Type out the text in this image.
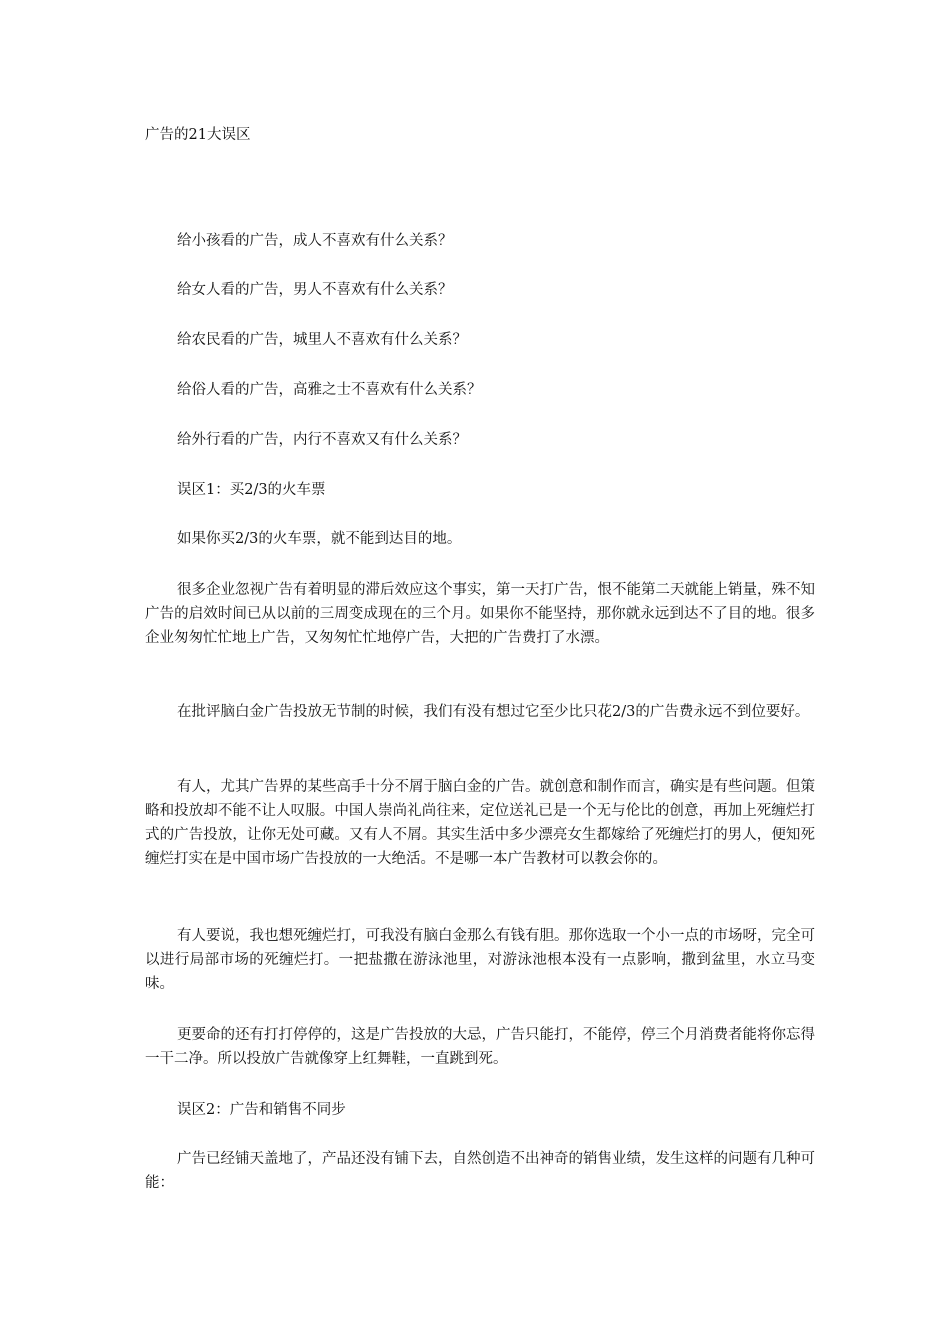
广告的21大误区

给小孩看的广告，成人不喜欢有什么关系？

给女人看的广告，男人不喜欢有什么关系？

给农民看的广告，城里人不喜欢有什么关系？

给俗人看的广告，高雅之士不喜欢有什么关系？

给外行看的广告，内行不喜欢又有什么关系？

误区1：买2/3的火车票

如果你买2/3的火车票，就不能到达目的地。

很多企业忽视广告有着明显的滞后效应这个事实，第一天打广告，恨不能第二天就能上销量，殊不知广告的启效时间已从以前的三周变成现在的三个月。如果你不能坚持，那你就永远到达不了目的地。很多企业匆匆忙忙地上广告，又匆匆忙忙地停广告，大把的广告费打了水漂。

在批评脑白金广告投放无节制的时候，我们有没有想过它至少比只花2/3的广告费永远不到位要好。

有人，尤其广告界的某些高手十分不屑于脑白金的广告。就创意和制作而言，确实是有些问题。但策略和投放却不能不让人叹服。中国人崇尚礼尚往来，定位送礼已是一个无与伦比的创意，再加上死缠烂打式的广告投放，让你无处可藏。又有人不屑。其实生活中多少漂亮女生都嫁给了死缠烂打的男人，便知死缠烂打实在是中国市场广告投放的一大绝活。不是哪一本广告教材可以教会你的。

有人要说，我也想死缠烂打，可我没有脑白金那么有钱有胆。那你选取一个小一点的市场呀，完全可以进行局部市场的死缠烂打。一把盐撒在游泳池里，对游泳池根本没有一点影响，撒到盆里，水立马变味。

更要命的还有打打停停的，这是广告投放的大忌，广告只能打，不能停，停三个月消费者能将你忘得一干二净。所以投放广告就像穿上红舞鞋，一直跳到死。

误区2：广告和销售不同步

广告已经铺天盖地了，产品还没有铺下去，自然创造不出神奇的销售业绩，发生这样的问题有几种可能：
